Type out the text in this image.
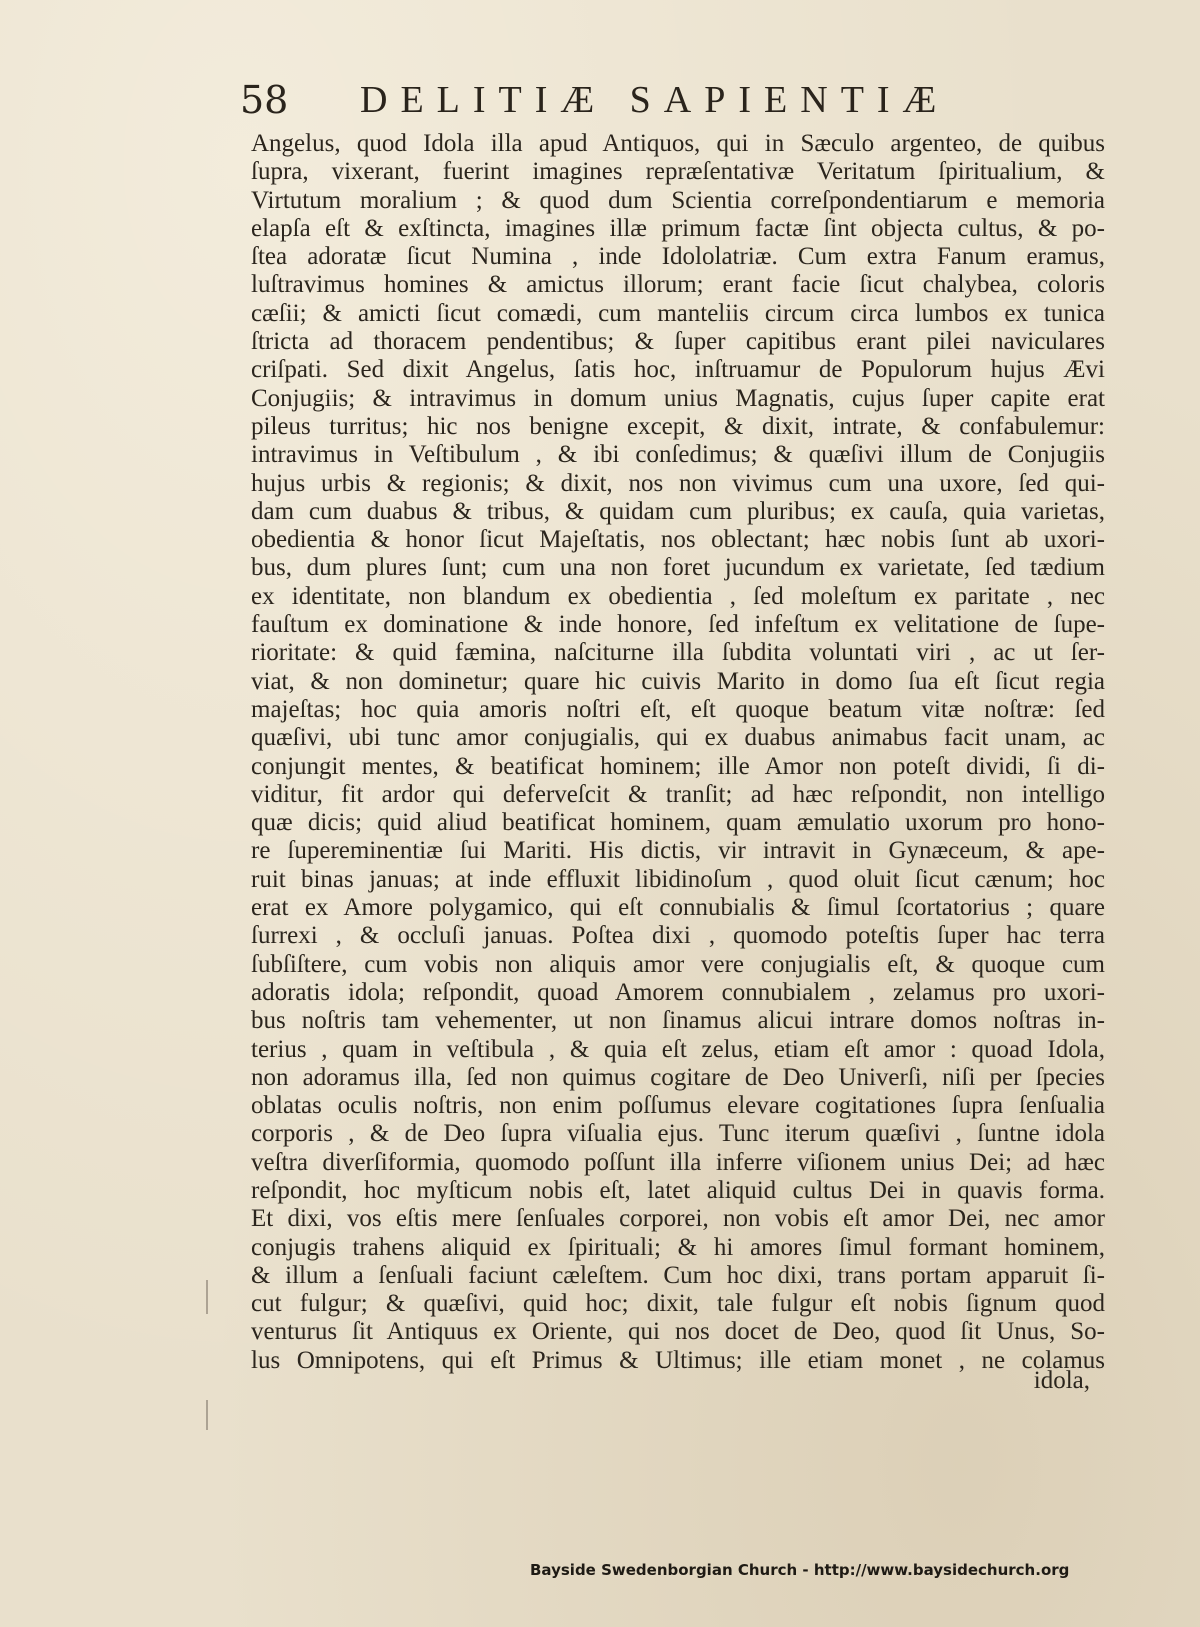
58 DELITIÆ SAPIENTIÆ
Angelus, quod Idola illa apud Antiquos, qui in Sæculo argenteo, de quibus
ſupra, vixerant, fuerint imagines repræſentativæ Veritatum ſpiritualium, &
Virtutum moralium ; & quod dum Scientia correſpondentiarum e memoria
elapſa eſt & exſtincta, imagines illæ primum factæ ſint objecta cultus, & po-
ſtea adoratæ ſicut Numina , inde Idololatriæ. Cum extra Fanum eramus,
luſtravimus homines & amictus illorum; erant facie ſicut chalybea, coloris
cæſii; & amicti ſicut comædi, cum manteliis circum circa lumbos ex tunica
ſtricta ad thoracem pendentibus; & ſuper capitibus erant pilei naviculares
criſpati. Sed dixit Angelus, ſatis hoc, inſtruamur de Populorum hujus Ævi
Conjugiis; & intravimus in domum unius Magnatis, cujus ſuper capite erat
pileus turritus; hic nos benigne excepit, & dixit, intrate, & confabulemur:
intravimus in Veſtibulum , & ibi conſedimus; & quæſivi illum de Conjugiis
hujus urbis & regionis; & dixit, nos non vivimus cum una uxore, ſed qui-
dam cum duabus & tribus, & quidam cum pluribus; ex cauſa, quia varietas,
obedientia & honor ſicut Majeſtatis, nos oblectant; hæc nobis ſunt ab uxori-
bus, dum plures ſunt; cum una non foret jucundum ex varietate, ſed tædium
ex identitate, non blandum ex obedientia , ſed moleſtum ex paritate , nec
fauſtum ex dominatione & inde honore, ſed infeſtum ex velitatione de ſupe-
rioritate: & quid fæmina, naſciturne illa ſubdita voluntati viri , ac ut ſer-
viat, & non dominetur; quare hic cuivis Marito in domo ſua eſt ſicut regia
majeſtas; hoc quia amoris noſtri eſt, eſt quoque beatum vitæ noſtræ: ſed
quæſivi, ubi tunc amor conjugialis, qui ex duabus animabus facit unam, ac
conjungit mentes, & beatificat hominem; ille Amor non poteſt dividi, ſi di-
viditur, fit ardor qui deferveſcit & tranſit; ad hæc reſpondit, non intelligo
quæ dicis; quid aliud beatificat hominem, quam æmulatio uxorum pro hono-
re ſupereminentiæ ſui Mariti. His dictis, vir intravit in Gynæceum, & ape-
ruit binas januas; at inde effluxit libidinoſum , quod oluit ſicut cænum; hoc
erat ex Amore polygamico, qui eſt connubialis & ſimul ſcortatorius ; quare
ſurrexi , & occluſi januas. Poſtea dixi , quomodo poteſtis ſuper hac terra
ſubſiſtere, cum vobis non aliquis amor vere conjugialis eſt, & quoque cum
adoratis idola; reſpondit, quoad Amorem connubialem , zelamus pro uxori-
bus noſtris tam vehementer, ut non ſinamus alicui intrare domos noſtras in-
terius , quam in veſtibula , & quia eſt zelus, etiam eſt amor : quoad Idola,
non adoramus illa, ſed non quimus cogitare de Deo Univerſi, niſi per ſpecies
oblatas oculis noſtris, non enim poſſumus elevare cogitationes ſupra ſenſualia
corporis , & de Deo ſupra viſualia ejus. Tunc iterum quæſivi , ſuntne idola
veſtra diverſiformia, quomodo poſſunt illa inferre viſionem unius Dei; ad hæc
reſpondit, hoc myſticum nobis eſt, latet aliquid cultus Dei in quavis forma.
Et dixi, vos eſtis mere ſenſuales corporei, non vobis eſt amor Dei, nec amor
conjugis trahens aliquid ex ſpirituali; & hi amores ſimul formant hominem,
& illum a ſenſuali faciunt cæleſtem. Cum hoc dixi, trans portam apparuit ſi-
cut fulgur; & quæſivi, quid hoc; dixit, tale fulgur eſt nobis ſignum quod
venturus ſit Antiquus ex Oriente, qui nos docet de Deo, quod ſit Unus, So-
lus Omnipotens, qui eſt Primus & Ultimus; ille etiam monet , ne colamus
idola,
Bayside Swedenborgian Church - http://www.baysidechurch.org
